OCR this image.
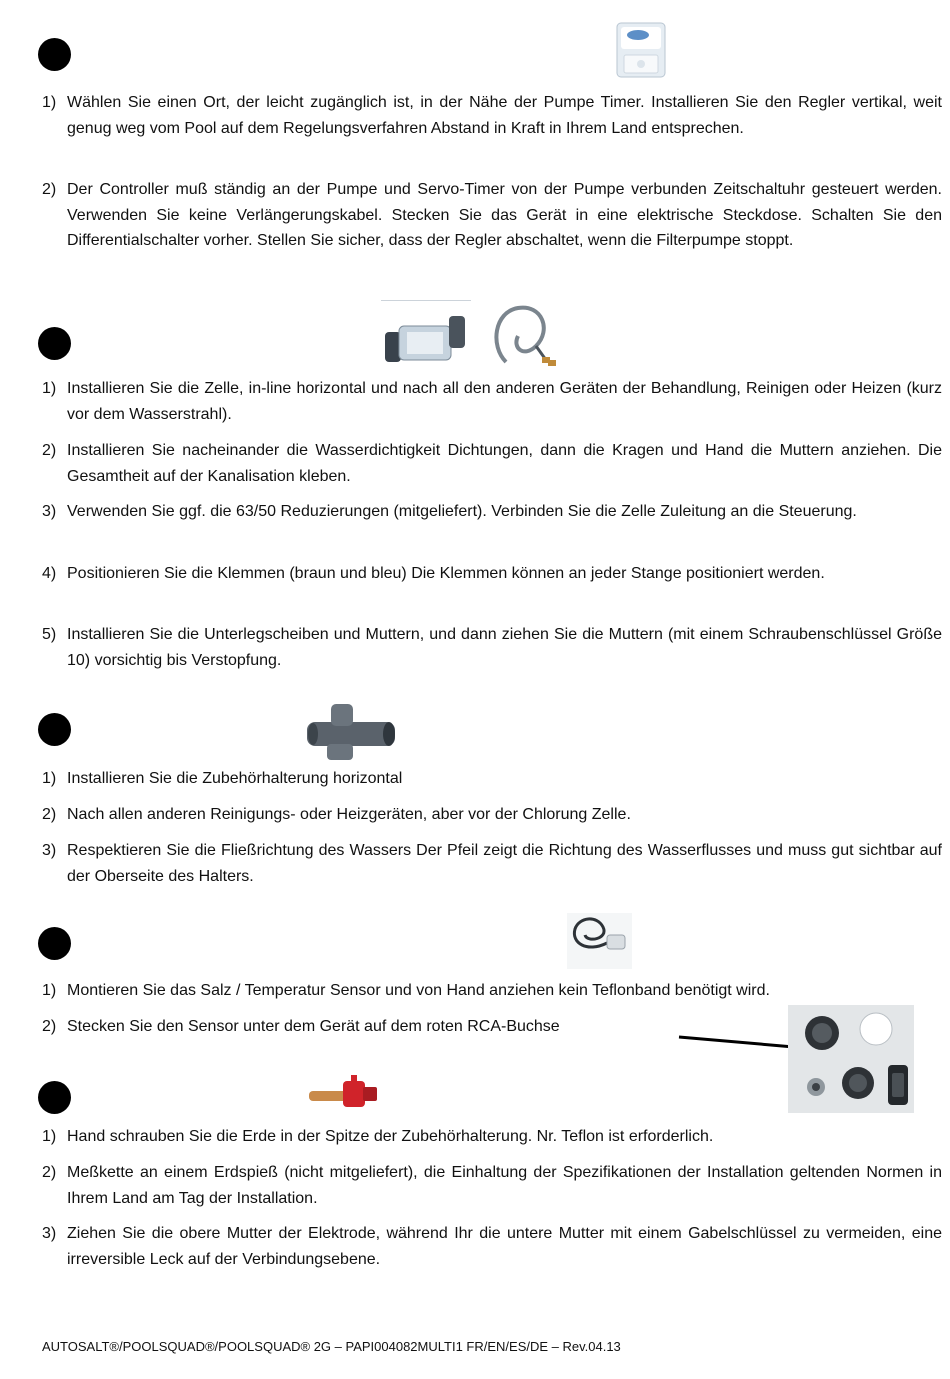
1) Wählen Sie einen Ort, der leicht zugänglich ist, in der Nähe der Pumpe Timer. Installieren Sie den Regler vertikal, weit genug weg vom Pool auf dem Regelungsverfahren Abstand in Kraft in Ihrem Land entsprechen.
2) Der Controller muß ständig an der Pumpe und Servo-Timer von der Pumpe verbunden Zeitschaltuhr gesteuert werden. Verwenden Sie keine Verlängerungskabel. Stecken Sie das Gerät in eine elektrische Steckdose. Schalten Sie den Differentialschalter vorher. Stellen Sie sicher, dass der Regler abschaltet, wenn die Filterpumpe stoppt.
1) Installieren Sie die Zelle, in-line horizontal und nach all den anderen Geräten der Behandlung, Reinigen oder Heizen (kurz vor dem Wasserstrahl).
2) Installieren Sie nacheinander die Wasserdichtigkeit Dichtungen, dann die Kragen und Hand die Muttern anziehen. Die Gesamtheit auf der Kanalisation kleben.
3) Verwenden Sie ggf. die 63/50 Reduzierungen (mitgeliefert). Verbinden Sie die Zelle Zuleitung an die Steuerung.
4) Positionieren Sie die Klemmen (braun und bleu) Die Klemmen können an jeder Stange positioniert werden.
5) Installieren Sie die Unterlegscheiben und Muttern, und dann ziehen Sie die Muttern (mit einem Schraubenschlüssel Größe 10) vorsichtig bis Verstopfung.
1) Installieren Sie die Zubehörhalterung horizontal
2) Nach allen anderen Reinigungs- oder Heizgeräten, aber vor der Chlorung Zelle.
3) Respektieren Sie die Fließrichtung des Wassers Der Pfeil zeigt die Richtung des Wasserflusses und muss gut sichtbar auf der Oberseite des Halters.
1) Montieren Sie das Salz / Temperatur Sensor und von Hand anziehen kein Teflonband benötigt wird.
2) Stecken Sie den Sensor unter dem Gerät auf dem roten RCA-Buchse
1) Hand schrauben Sie die Erde in der Spitze der Zubehörhalterung. Nr. Teflon ist erforderlich.
2) Meßkette an einem Erdspieß (nicht mitgeliefert), die Einhaltung der Spezifikationen der Installation geltenden Normen in Ihrem Land am Tag der Installation.
3) Ziehen Sie die obere Mutter der Elektrode, während Ihr die untere Mutter mit einem Gabelschlüssel zu vermeiden, eine irreversible Leck auf der Verbindungsebene.
AUTOSALT®/POOLSQUAD®/POOLSQUAD® 2G – PAPI004082MULTI1 FR/EN/ES/DE – Rev.04.13
